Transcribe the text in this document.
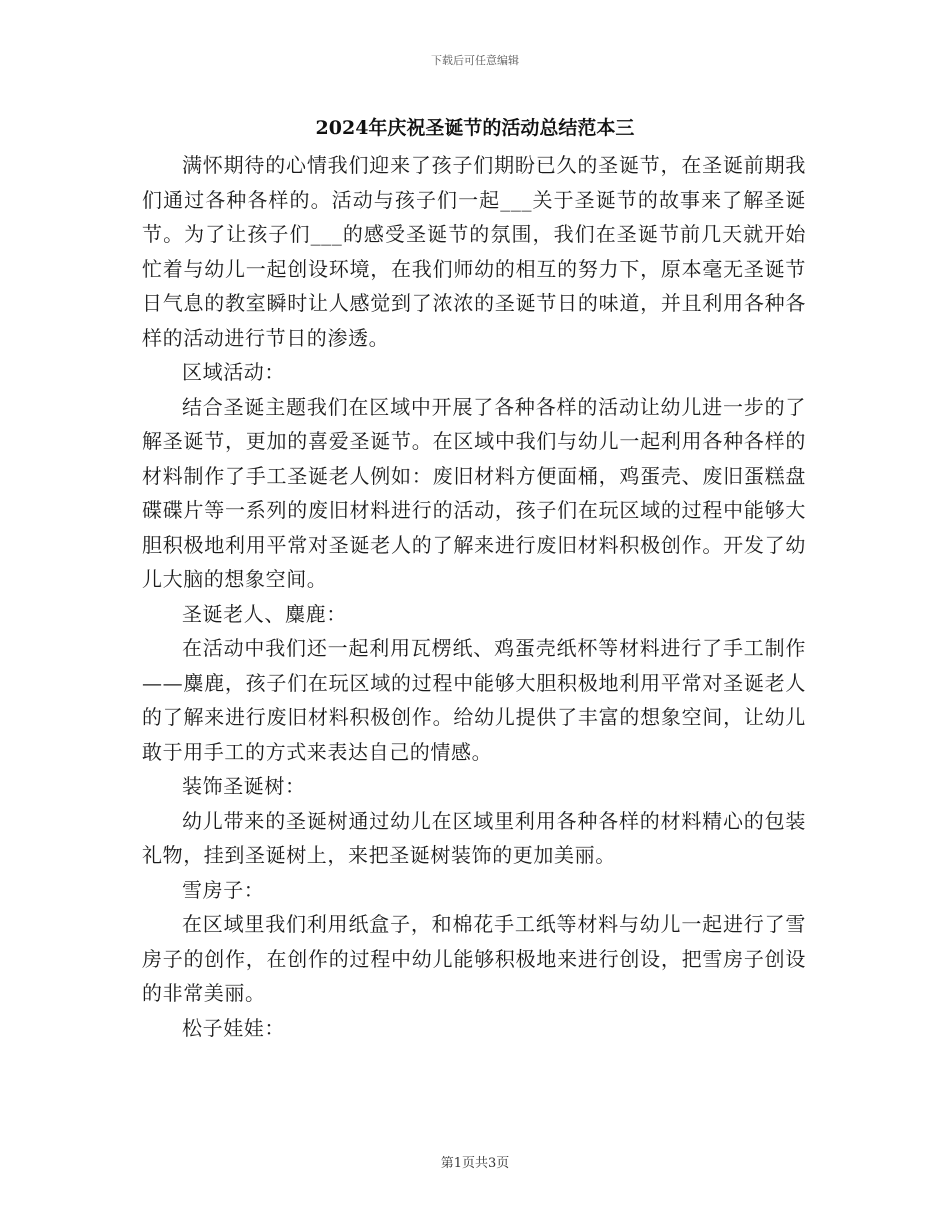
下载后可任意编辑
2024年庆祝圣诞节的活动总结范本三

满怀期待的心情我们迎来了孩子们期盼已久的圣诞节，在圣诞前期我们通过各种各样的。活动与孩子们一起___关于圣诞节的故事来了解圣诞节。为了让孩子们___的感受圣诞节的氛围，我们在圣诞节前几天就开始忙着与幼儿一起创设环境，在我们师幼的相互的努力下，原本毫无圣诞节日气息的教室瞬时让人感觉到了浓浓的圣诞节日的味道，并且利用各种各样的活动进行节日的渗透。

区域活动：

结合圣诞主题我们在区域中开展了各种各样的活动让幼儿进一步的了解圣诞节，更加的喜爱圣诞节。在区域中我们与幼儿一起利用各种各样的材料制作了手工圣诞老人例如：废旧材料方便面桶，鸡蛋壳、废旧蛋糕盘碟碟片等一系列的废旧材料进行的活动，孩子们在玩区域的过程中能够大胆积极地利用平常对圣诞老人的了解来进行废旧材料积极创作。开发了幼儿大脑的想象空间。

圣诞老人、麋鹿：

在活动中我们还一起利用瓦楞纸、鸡蛋壳纸杯等材料进行了手工制作——麋鹿，孩子们在玩区域的过程中能够大胆积极地利用平常对圣诞老人的了解来进行废旧材料积极创作。给幼儿提供了丰富的想象空间，让幼儿敢于用手工的方式来表达自己的情感。

装饰圣诞树：

幼儿带来的圣诞树通过幼儿在区域里利用各种各样的材料精心的包装礼物，挂到圣诞树上，来把圣诞树装饰的更加美丽。

雪房子：

在区域里我们利用纸盒子，和棉花手工纸等材料与幼儿一起进行了雪房子的创作，在创作的过程中幼儿能够积极地来进行创设，把雪房子创设的非常美丽。

松子娃娃：

第1页共3页
